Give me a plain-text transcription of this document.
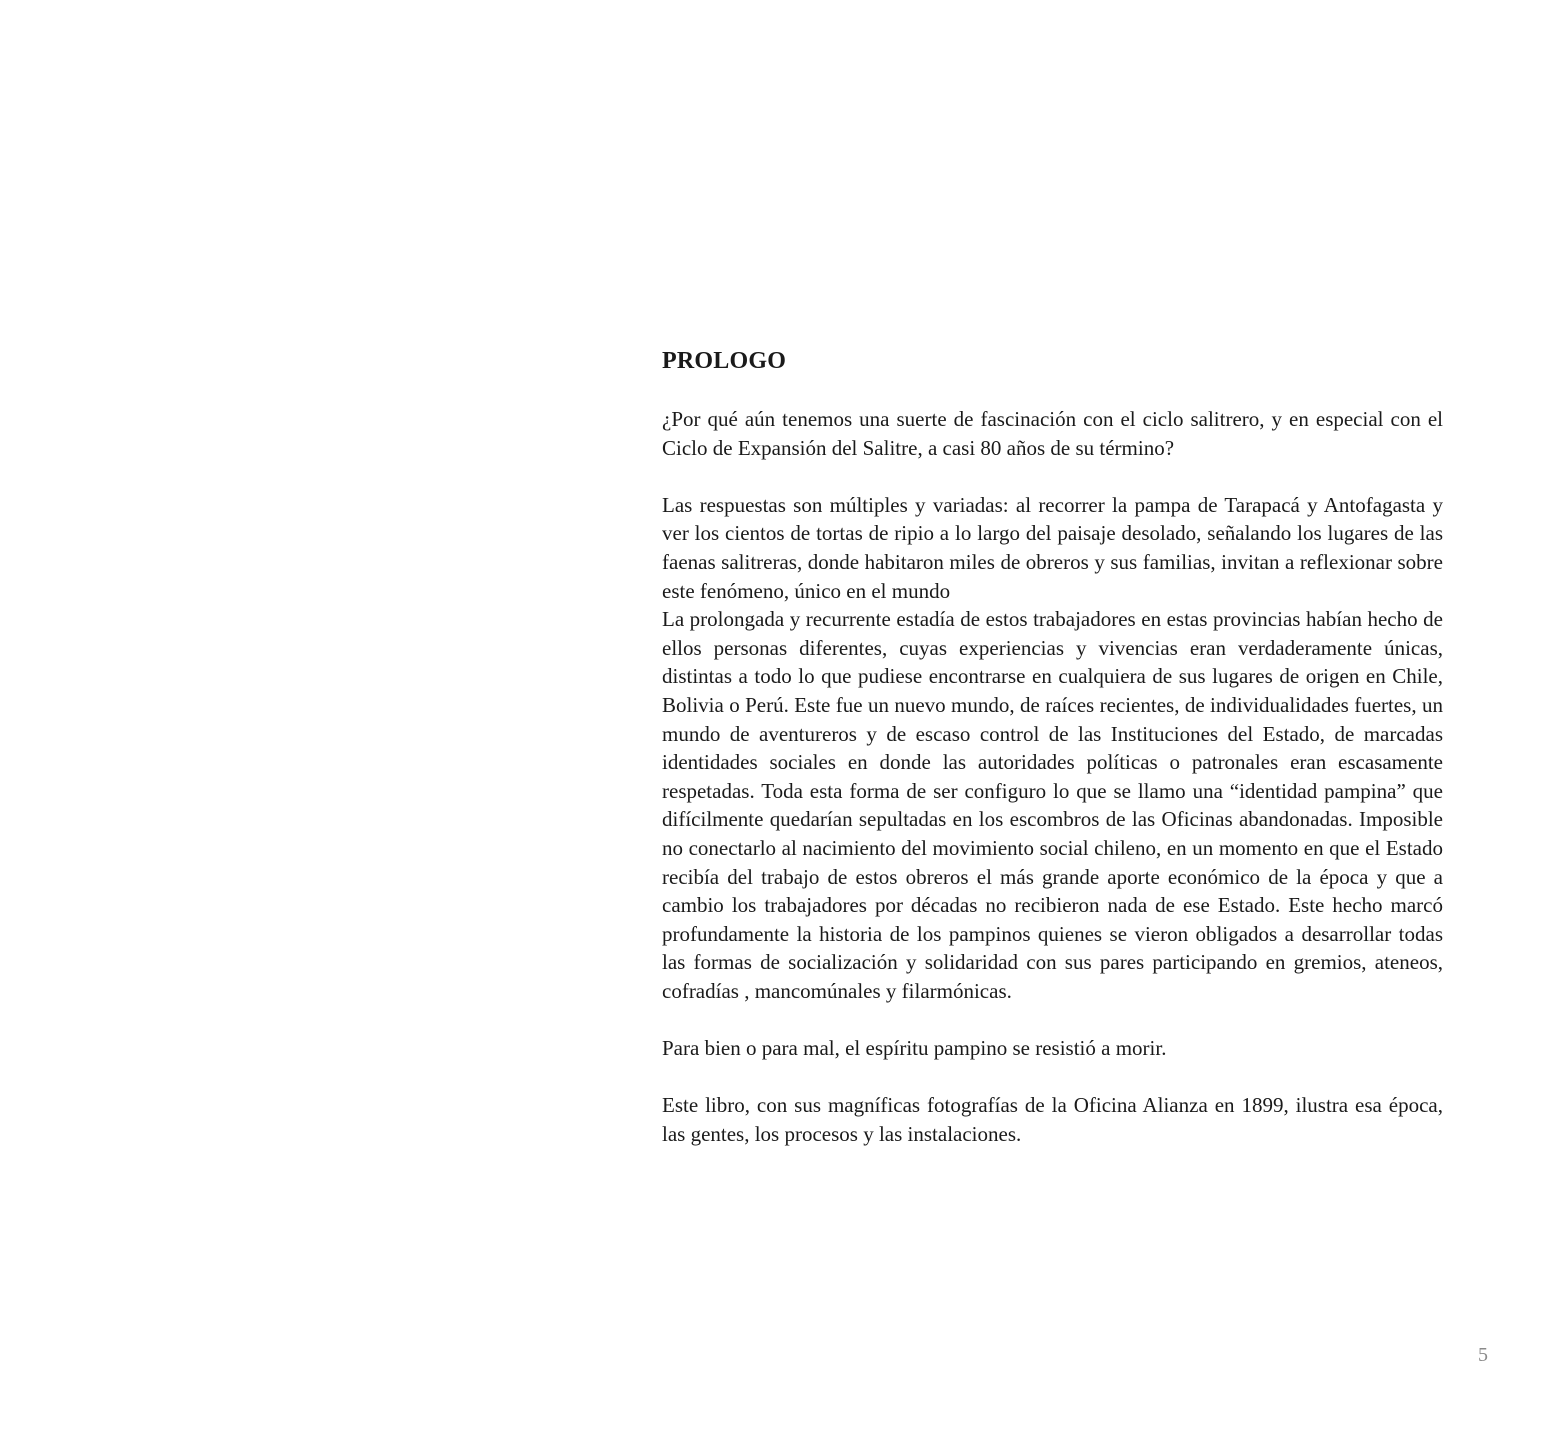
PROLOGO

¿Por qué aún tenemos una suerte de fascinación con el ciclo salitrero, y en especial con el Ciclo de Expansión del Salitre, a casi 80 años de su término?

Las respuestas son múltiples y variadas: al recorrer la pampa de Tarapacá y Antofagasta y ver los cientos de tortas de ripio a lo largo del paisaje desolado, señalando los lugares de las faenas salitreras, donde habitaron miles de obreros y sus familias, invitan a reflexionar sobre este fenómeno, único en el mundo

La prolongada y recurrente estadía de estos trabajadores en estas provincias habían hecho de ellos personas diferentes, cuyas experiencias y vivencias eran verdaderamente únicas, distintas a todo lo que pudiese encontrarse en cualquiera de sus lugares de origen en Chile, Bolivia o Perú. Este fue un nuevo mundo, de raíces recientes, de individualidades fuertes, un mundo de aventureros y de escaso control de las Instituciones del Estado, de marcadas identidades sociales en donde las autoridades políticas o patronales eran escasamente respetadas. Toda esta forma de ser configuro lo que se llamo una “identidad pampina” que difícilmente quedarían sepultadas en los escombros de las Oficinas abandonadas. Imposible no conectarlo al nacimiento del movimiento social chileno, en un momento en que el Estado recibía del trabajo de estos obreros el más grande aporte económico de la época y que a cambio los trabajadores por décadas no recibieron nada de ese Estado. Este hecho marcó profundamente la historia de los pampinos quienes se vieron obligados a desarrollar todas las formas de socialización y solidaridad con sus pares participando en gremios, ateneos, cofradías , mancomúnales y filarmónicas.

Para bien o para mal, el espíritu pampino se resistió a morir.

Este libro, con sus magníficas fotografías de la Oficina Alianza en 1899, ilustra esa época, las gentes, los procesos y las instalaciones.

5
